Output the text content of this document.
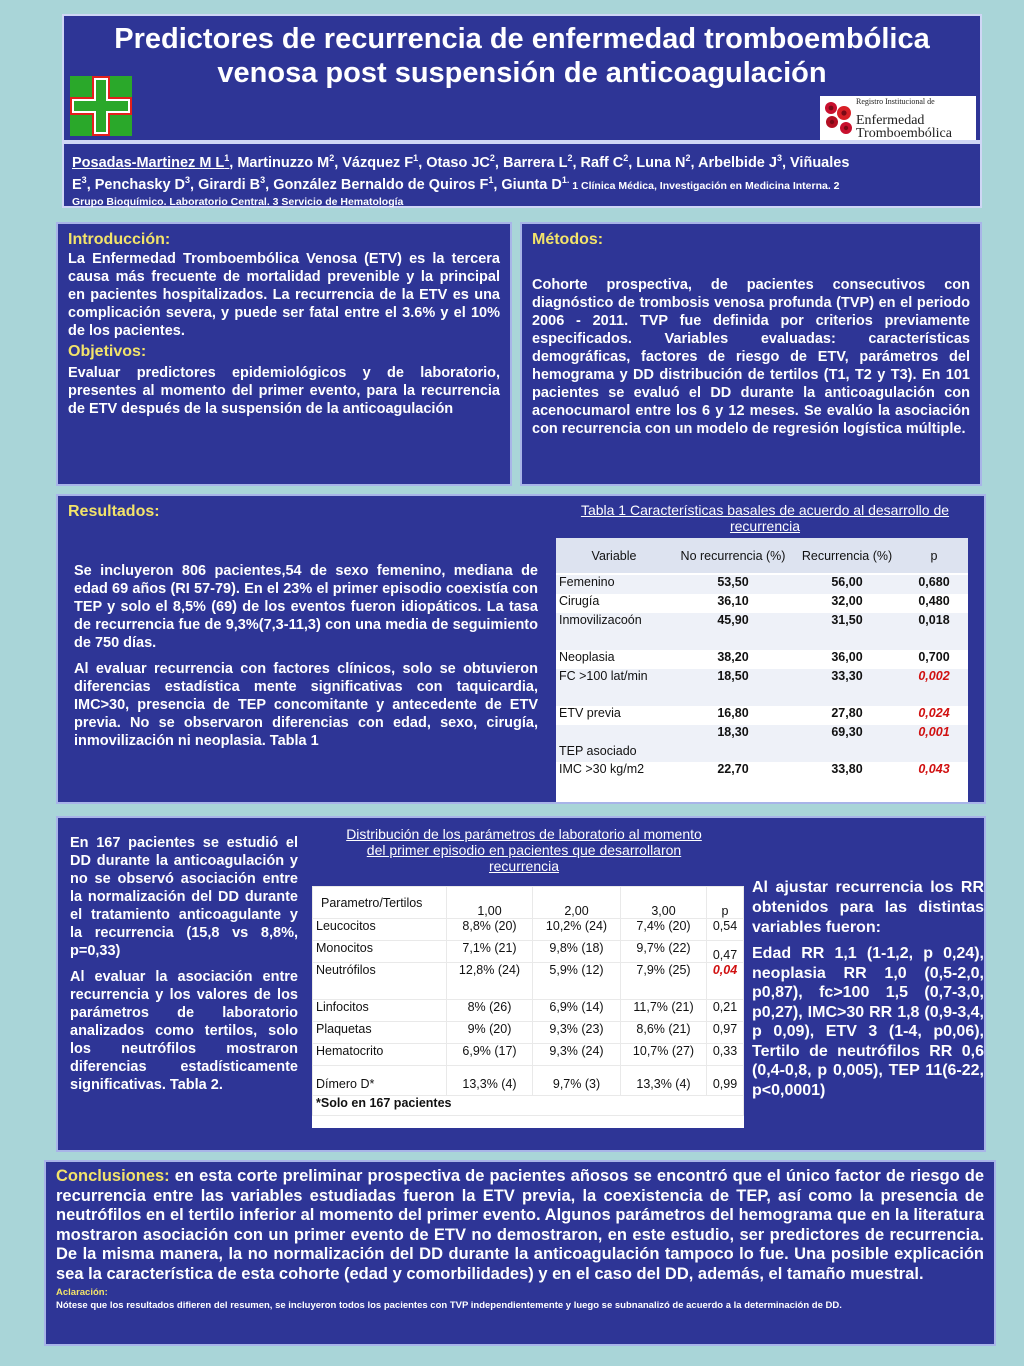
Predictores de recurrencia de enfermedad tromboembólica
venosa post suspensión de anticoagulación
Registro Institucional de
Enfermedad
Tromboembólica
Posadas-Martinez M $L^1$, Martinuzzo $M^2$, Vázquez $F^1$, Otaso $JC^2$, Barrera $L^2$, Raff $C^2$, Luna $N^2$, Arbelbide $J^3$, Viñuales
$E^3$, Penchasky $D^3$, Girardi $B^3$, González Bernaldo de Quiros $F^1$, Giunta $D^{1.}$ 1 Clínica Médica, Investigación en Medicina Interna. 2
Grupo Bioquímico. Laboratorio Central. 3 Servicio de Hematología
Introducción:
La Enfermedad Tromboembólica Venosa (ETV) es la tercera causa más frecuente de mortalidad prevenible y la principal en pacientes hospitalizados. La recurrencia de la ETV es una complicación severa, y puede ser fatal entre el 3.6% y el 10% de los pacientes.
Objetivos:
Evaluar predictores epidemiológicos y de laboratorio, presentes al momento del primer evento, para la recurrencia de ETV después de la suspensión de la anticoagulación
Métodos:
Cohorte prospectiva, de pacientes consecutivos con diagnóstico de trombosis venosa profunda (TVP) en el periodo 2006 - 2011. TVP fue definida por criterios previamente especificados. Variables evaluadas: características demográficas, factores de riesgo de ETV, parámetros del hemograma y DD distribución de tertilos (T1, T2 y T3). En 101 pacientes se evaluó el DD durante la anticoagulación con acenocumarol entre los 6 y 12 meses. Se evalúo la asociación con recurrencia con un modelo de regresión logística múltiple.
Resultados:
Se incluyeron 806 pacientes,54 de sexo femenino, mediana de edad 69 años (RI 57-79). En el 23% el primer episodio coexistía con TEP y solo el 8,5% (69) de los eventos fueron idiopáticos. La tasa de recurrencia fue de 9,3%(7,3-11,3) con una media de seguimiento de 750 días.
Al evaluar recurrencia con factores clínicos, solo se obtuvieron diferencias estadística mente significativas con taquicardia, IMC>30, presencia de TEP concomitante y antecedente de ETV previa. No se observaron diferencias con edad, sexo, cirugía, inmovilización ni neoplasia. Tabla 1
Tabla 1 Características basales de acuerdo al desarrollo de recurrencia
Variable	No recurrencia (%)	Recurrencia (%)	p
Femenino	53,50	56,00	0,680
Cirugía	36,10	32,00	0,480
Inmovilizacoón	45,90	31,50	0,018
Neoplasia	38,20	36,00	0,700
FC >100 lat/min	18,50	33,30	0,002
ETV previa	16,80	27,80	0,024
TEP asociado	18,30	69,30	0,001
IMC >30 kg/m2	22,70	33,80	0,043
En 167 pacientes se estudió el DD durante la anticoagulación y no se observó asociación entre la normalización del DD durante el tratamiento anticoagulante y la recurrencia (15,8 vs 8,8%, p=0,33)
Al evaluar la asociación entre recurrencia y los valores de los parámetros de laboratorio analizados como tertilos, solo los neutrófilos mostraron diferencias estadísticamente significativas. Tabla 2.
Distribución de los parámetros de laboratorio al momento del primer episodio en pacientes que desarrollaron recurrencia
Parametro/Tertilos	1,00	2,00	3,00	p
Leucocitos	8,8% (20)	10,2% (24)	7,4% (20)	0,54
Monocitos	7,1% (21)	9,8% (18)	9,7% (22)	0,47
Neutrófilos	12,8% (24)	5,9% (12)	7,9% (25)	0,04
Linfocitos	8% (26)	6,9% (14)	11,7% (21)	0,21
Plaquetas	9% (20)	9,3% (23)	8,6% (21)	0,97
Hematocrito	6,9% (17)	9,3% (24)	10,7% (27)	0,33
Dímero D*	13,3% (4)	9,7% (3)	13,3% (4)	0,99
*Solo en 167 pacientes				
Al ajustar recurrencia los RR obtenidos para las distintas variables fueron:
Edad RR 1,1 (1-1,2, p 0,24), neoplasia RR 1,0 (0,5-2,0, p0,87), fc>100 1,5 (0,7-3,0, p0,27), IMC>30 RR 1,8 (0,9-3,4, p 0,09), ETV 3 (1-4, p0,06), Tertilo de neutrófilos RR 0,6 (0,4-0,8, p 0,005), TEP 11(6-22, p<0,0001)
Conclusiones: en esta corte preliminar prospectiva de pacientes añosos se encontró que el único factor de riesgo de recurrencia entre las variables estudiadas fueron la ETV previa, la coexistencia de TEP, así como la presencia de neutrófilos en el tertilo inferior al momento del primer evento. Algunos parámetros del hemograma que en la literatura mostraron asociación con un primer evento de ETV no demostraron, en este estudio, ser predictores de recurrencia. De la misma manera, la no normalización del DD durante la anticoagulación tampoco lo fue. Una posible explicación sea la característica de esta cohorte (edad y comorbilidades) y en el caso del DD, además, el tamaño muestral.
Aclaración:
Nótese que los resultados difieren del resumen, se incluyeron todos los pacientes con TVP independientemente y luego se subnanalizó de acuerdo a la determinación de DD.
